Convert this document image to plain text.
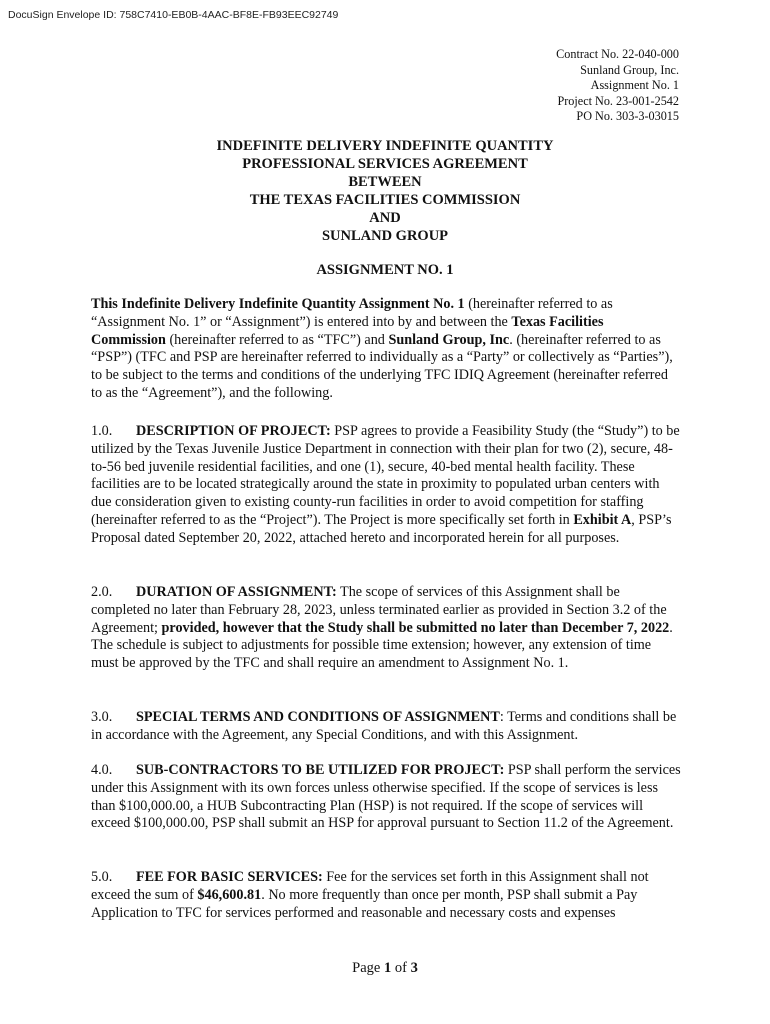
DocuSign Envelope ID: 758C7410-EB0B-4AAC-BF8E-FB93EEC92749
Contract No. 22-040-000
Sunland Group, Inc.
Assignment No. 1
Project No. 23-001-2542
PO No. 303-3-03015
INDEFINITE DELIVERY INDEFINITE QUANTITY
PROFESSIONAL SERVICES AGREEMENT
BETWEEN
THE TEXAS FACILITIES COMMISSION
AND
SUNLAND GROUP
ASSIGNMENT NO. 1
This Indefinite Delivery Indefinite Quantity Assignment No. 1 (hereinafter referred to as “Assignment No. 1” or “Assignment”) is entered into by and between the Texas Facilities Commission (hereinafter referred to as “TFC”) and Sunland Group, Inc. (hereinafter referred to as “PSP”) (TFC and PSP are hereinafter referred to individually as a “Party” or collectively as “Parties”), to be subject to the terms and conditions of the underlying TFC IDIQ Agreement (hereinafter referred to as the “Agreement”), and the following.
1.0. DESCRIPTION OF PROJECT: PSP agrees to provide a Feasibility Study (the “Study”) to be utilized by the Texas Juvenile Justice Department in connection with their plan for two (2), secure, 48-to-56 bed juvenile residential facilities, and one (1), secure, 40-bed mental health facility. These facilities are to be located strategically around the state in proximity to populated urban centers with due consideration given to existing county-run facilities in order to avoid competition for staffing (hereinafter referred to as the “Project”). The Project is more specifically set forth in Exhibit A, PSP’s Proposal dated September 20, 2022, attached hereto and incorporated herein for all purposes.
2.0. DURATION OF ASSIGNMENT: The scope of services of this Assignment shall be completed no later than February 28, 2023, unless terminated earlier as provided in Section 3.2 of the Agreement; provided, however that the Study shall be submitted no later than December 7, 2022. The schedule is subject to adjustments for possible time extension; however, any extension of time must be approved by the TFC and shall require an amendment to Assignment No. 1.
3.0. SPECIAL TERMS AND CONDITIONS OF ASSIGNMENT: Terms and conditions shall be in accordance with the Agreement, any Special Conditions, and with this Assignment.
4.0. SUB-CONTRACTORS TO BE UTILIZED FOR PROJECT: PSP shall perform the services under this Assignment with its own forces unless otherwise specified. If the scope of services is less than $100,000.00, a HUB Subcontracting Plan (HSP) is not required. If the scope of services will exceed $100,000.00, PSP shall submit an HSP for approval pursuant to Section 11.2 of the Agreement.
5.0. FEE FOR BASIC SERVICES: Fee for the services set forth in this Assignment shall not exceed the sum of $46,600.81. No more frequently than once per month, PSP shall submit a Pay Application to TFC for services performed and reasonable and necessary costs and expenses
Page 1 of 3
